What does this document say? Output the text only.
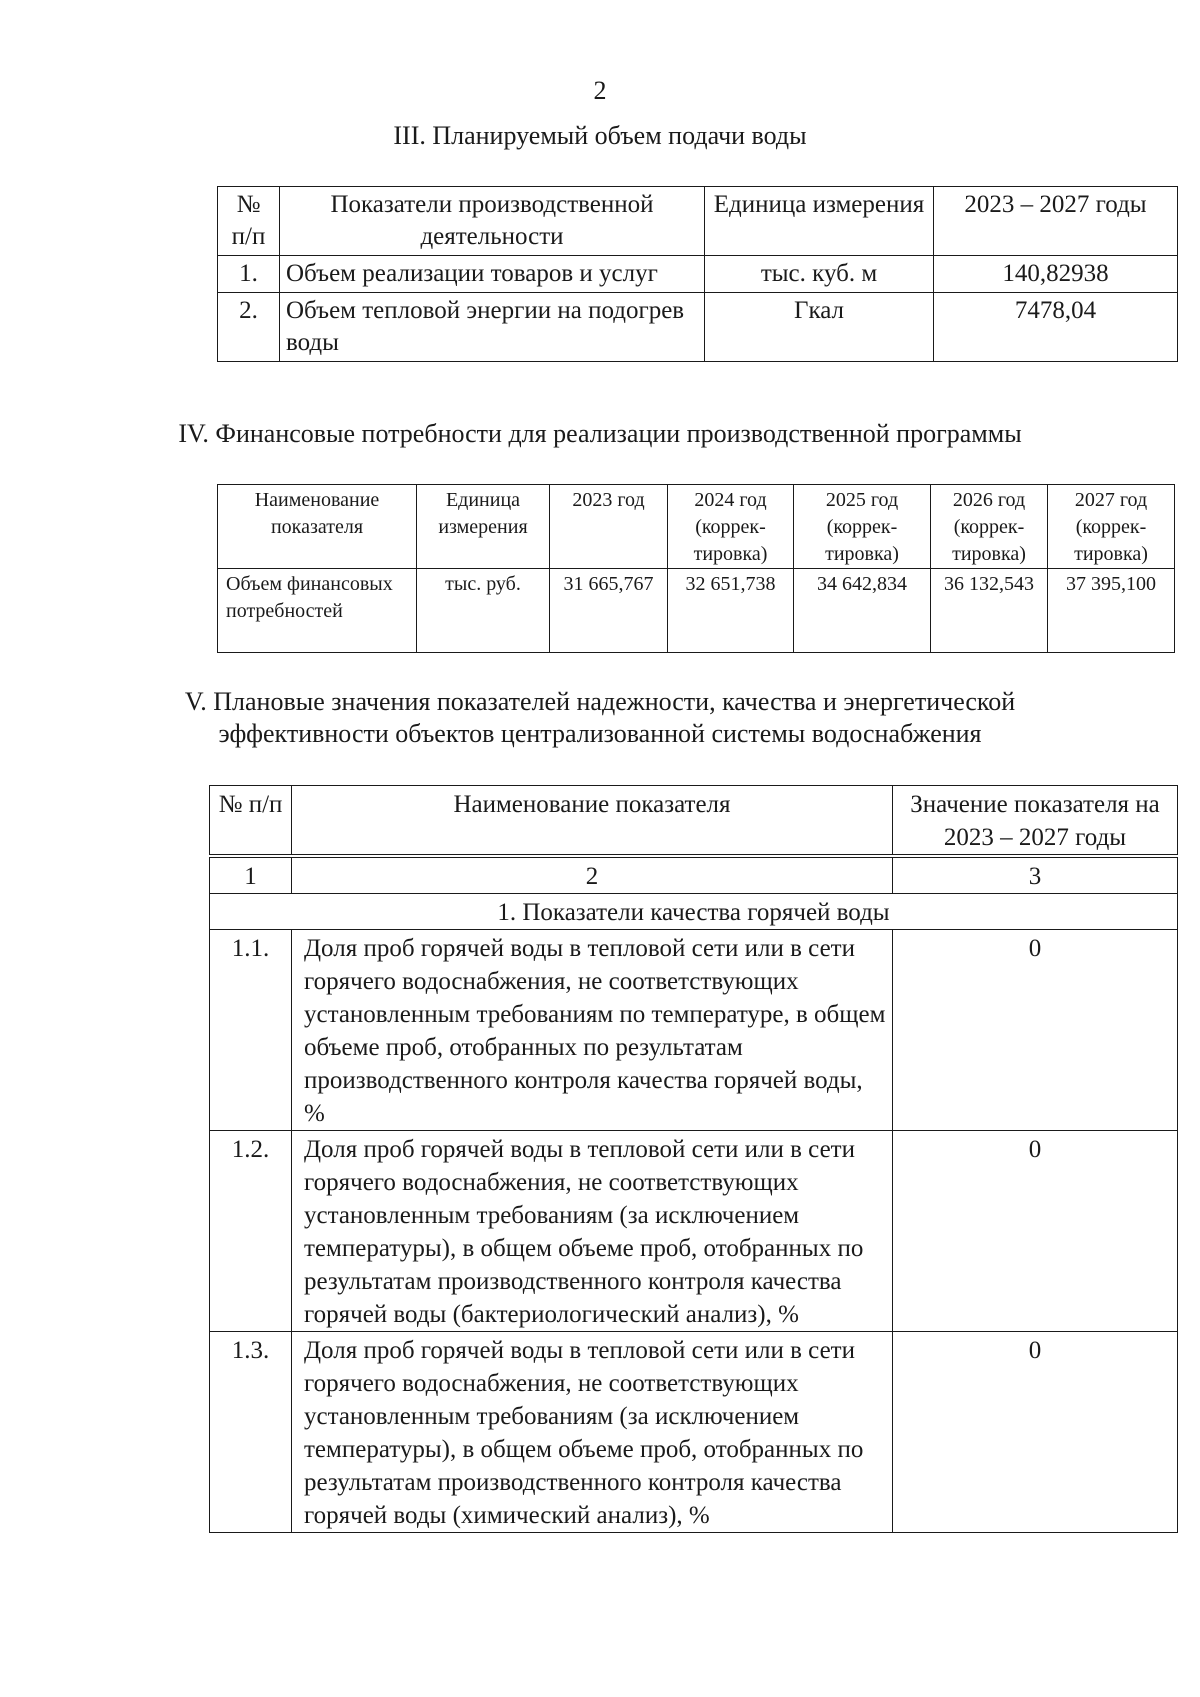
2
III. Планируемый объем подачи воды
№ п/п	Показатели производственной деятельности	Единица измерения	2023 – 2027 годы
1.	Объем реализации товаров и услуг	тыс. куб. м	140,82938
2.	Объем тепловой энергии на подогрев воды	Гкал	7478,04
IV. Финансовые потребности для реализации производственной программы
Наименование показателя	Единица измерения	2023 год	2024 год (коррек-тировка)	2025 год (коррек-тировка)	2026 год (коррек-тировка)	2027 год (коррек-тировка)
Объем финансовых потребностей	тыс. руб.	31 665,767	32 651,738	34 642,834	36 132,543	37 395,100
V. Плановые значения показателей надежности, качества и энергетической
эффективности объектов централизованной системы водоснабжения
№ п/п	Наименование показателя	Значение показателя на 2023 – 2027 годы
1	2	3
1. Показатели качества горячей воды		
1.1.	Доля проб горячей воды в тепловой сети или в сети горячего водоснабжения, не соответствующих установленным требованиям по температуре, в общем объеме проб, отобранных по результатам производственного контроля качества горячей воды, %	0
1.2.	Доля проб горячей воды в тепловой сети или в сети горячего водоснабжения, не соответствующих установленным требованиям (за исключением температуры), в общем объеме проб, отобранных по результатам производственного контроля качества горячей воды (бактериологический анализ), %	0
1.3.	Доля проб горячей воды в тепловой сети или в сети горячего водоснабжения, не соответствующих установленным требованиям (за исключением температуры), в общем объеме проб, отобранных по результатам производственного контроля качества горячей воды (химический анализ), %	0
